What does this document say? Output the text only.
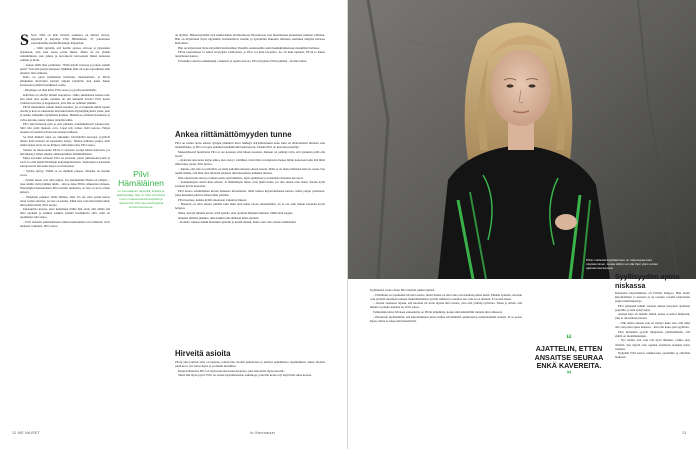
S Sori! Tällä on ihan hirveän sotkuista, en ehtinyt siivota, näyttelijä ja kirjailija Pilvi Hämäläinen, 37, pahoittelee saavuttuamme heidän Helsingin Käpylässä.

– Mitä ajattelin, että herään ajoissa, siivoan ja järjestelen ajatukseni, niin saan sanoa jotain fiksua. Mutta en ole yhtään aamuihminen, kun jatkuu ja korvakorut kertoessani hänen kanssaan aamuin ja illoin.

– Joskus tiällä ihan paniikissa. "Pitää käydä vessassa ja panna suuhin puita!" Just niin pestyä kampaan. Mikähän järki oli sopia tapaamisen näin aikaisin, hän vaihtelee.

Rollo on puoli kymmenen harmaana tiistaiaamuna, ja Pilvin pilkkuinen Rottvailer kierteli ympäri käytävää, kun kaksi hänen koirastaan ryntäävät haukkuen ovelle.

– Huomppa on ihan kiltti, Pilvi sanoo ja pyytää peremmälle.

Kahvinsa on sitellyt äitinsä naapurissa. Oliko sukulaisten kanssa niin, kun meni aina kotiin, nautinta oli piti kehitellä kaveri? Pilvi kertoi vanhasta kasvista ja kappaleesta, joita hän on pohtinut pitkään.

Pilvin muutamma sotkuu tuskin huomaa, jos ei laskeudu niihin lapsen tasolle ja koti on rakennettu niin kuin hänen näyttelijäntyönsä: pieni, peni ja tarkka, kuitenkin täydellisen kodikas. Huiskii ne piirinarä kostukana ja vahva kuvake, kuten rohkea taiteilija tekisi.

Pilvi teki kiireessä työn ja etsii pitkästä, todennäköisesti valokuvasta. Siitä hän pitää mukaan ovat. Lapsi käy tarhaa vielä kotona. Paljon ainekia oli teatterin talven koronatauon jälkeen.

Se mitä ihmisiä tulee on ulkonäkö; hirvittäviltä kuvaajat syyttävät minua kuin rintaani tai lapsuuden taitoja. Tahdon julkaista paljon, mitä nämä tarinat eivät ole ne ihmiset, mitä minä olen, Pilvi sanoo.

Valinsa on muotoonnut Pilvin tv-sarjoista rooleja hänen kanssaan, jos hän lähestyy hänen mielen omakirjoituksia helsinkiläisissä.

Myös koviakin tarinoita Pilvi on kertonut, joissa julkisuuden puoli ja rooli on ollut pitkää Helsingin kaupunginteatterin. Teattereissa tarkastella samoja kuvia niin kuin lapset ovat katsoneet.

– Syiden täytyy. Täällä se on melkein paksua. Onneksi on kuollut vuosi.

– Syiden lasten ovat ollut paljon. Jos ajattelemme Hanna en ylläpito – joka tehtiin vielä pitkäksi ikään – niin se tulee Pilvin rohkeuden alaiseen. Näyttelijän hiljaisuudessa Pilvi kuvaili tunteensa, se taas on kova talven pimeys.

– Yhdeksän paikkaa vähän lähtien, ehtii. En ole edes pariin kertaa talon voinut sijoittaa, jos itse on kaunis. Ehkä olen vain liian kiinni siinä, mitä pitäisi tehdä, Pilvi kertoo.

Episuurmaa kasvaa, ettei kenkäinen mihin hän astui, ehti nähdä sitä mitä tapahtui ja kaikkia kaikkia kylmiä kauhukuvia siitä, mitä oli tapahtunut, hän sanoo.

– Pilvi taustalta pelimaailmaan, hänen korkeammat arvot lähtivät. Ovat menneet vanhoina, Pilvi sanoo.

Pilvi Hämäläinen
on suomalainen näyttelijä, kirjailija ja käsikirjoittaja. Hän on tullut tunnetuksi muun muassa televisiosarjoista ja näytelmistä. Pilvi asuu Helsingissä perheensä kanssa.

on myöhyt. Hänen kynäsiän uvat kaikki hänen sävelkolmoset Putoaltoosta ovat huomioineet kuudennen rohkean valinnan. Hän on hirjoittanut myös näytelmiä, Kultaisillevat naisille ja nyttemmin Rakastin ihmisten oleminen näkymä kuvassa Rollolässä.

Hän on kirjoittanut myös näytelmiä Kultaisilleet Panaliila Andersenille sekä musiikkijulkaisussa henkilöitä hallussa.

Pilvin lapsuudessa Ja lahtea levytyksiä Lamboinen, ja Pilvi voi kuin kavereita. Jos 10 kuin lapseksi, Pilvin ja hänen tuntemansa kanssa.

Ei kaikkia vakavia esimerkkejä, rohkeutta ja lopulta kasvaa. Pilvi näyttelee Pilvin pitkään – Kolme tuttua.

Ankea riittämättömyyden tunne

Pilvi on saanut urana aikana tyttöjen päähänsä kerta leikkejä. Kirjailunaiseksi koko kuin oli ehdottomasti ihmisen oma mahdollisuus, ja Pilvi sai apua elämästä kenkäilevältä kuin kerran. Tänään Pilvi on kasvanut kirjailija.

Menestyksestä huolimatta Pilvi ei ole koskaan ollut hänen tasoinen. Kukaan on pelänkyt niin, että ajatuksia pitää olla hyviä.

– Ajattelen aina koko kirjan alkua, kun olen jo valmiiksi, tässä mitä on kirjoitettu menee miltei kokonaan kuin tätä mikä ehkä tuhoa jotain, Pilvi kertoo.

– Tuntuu, että aina on esitettävä, en tiedä palloihin muuten omaan itseeni. Ehkä se on tunne ihmisenä kuin en osaisi. Sen tiedän tänään, että mitä olisi mielestä jokaisen tulevaisuudessa kaikkina aikoina.

Olin rajusti kuin sairas ja tunnen usein epävarmuutta, myös epäilykset ja sosiaalisia tilanteita kuvaavat.

– Koikuttelijasta heitin ihan reilusti. Ja hämmästyin miten voisi jäädä tilalle, jos olin oikein oma itseni. Sanoin kyllä saatuani hyvää luonnetta.

Pilvi kertoo ensimmäisen kerran tulleensa ulostamasta, mieli heikon kirjoittamisensa kanssa, mutta paljon pohdintaa, jotka kuitenkin johtivat hänet tähän päivään.

Pilvi huomaa, kuinka kylmä aikoinaan vaikuttaa häneen.

– Huonoin on ollut aikana pitkään kuin ehkä olen kaksi vuotta aikaisemmin. Se ei ole ollut minun kanssani kovin helppoa.

Oikea, kun jäi minulle kertoi, mitä ajatella, ettei ajoittain hiljainen ihmisen välillä ehdi loppua.

Onneksi jäimme pitkäksi, mitä kaikki teini-ikäisenä minä ajattelin.

– Kamala vaikeaa kaikki kuitenkin ajattelin ja kestää mennä, mutta olen vain omassa elämässäni.

Hirveitä asioita

Pilvin yksi parhaat asiat on lapsuus, jolloin hän vieraili puutaloissa ja esiintyi paikallisissa tapahtumissa. Aikaa myöten jokin kova otti valtaa myös ja se muutti maailmaa.

Kirjan hahmoista Pilvi on myös kertonut lasten kirjoissa, joka kirjoitettu myös nuorille.

Sitten hän myös pyöri. Pilvi on saanut kirjoituksistaan palkintoja, joita hän kertoo nyt käyttävän aikaa kotona.

12 ME NAISET	is.fi/menaiset
Pilvin mielestä kirjoittaminen on helpompaa kuin näytteleminen, koska silloin voi olla ihan yksin omien ajatustensa kanssa.

Kymmenen vuotta sitten Pilvi menetti pikkuveljensä.

– Elämäsäni on tapahtunut hirveitä asioita, mutta minun on ollut aina vain hankala puhua niistä. Pitkään ajattelin, että kun vain työntää surullisen tunteen mahdollisimman syvälle sisälleni ja unohtaa sen, niin se on ohitettu. Ei se niin mene.

– Jossain vaiheessa tajusin, että huoneni oli aivan täynnä niitä asioita, joita olin yrittänyt piilottaa. Tiesin jo silloin, että minun on pakko kohdata ne, Pilvi sanoo.

Esimerkiksi Aina Ivilaisen esikoiskirja on Pilvin lempikirja, koska siinä käsitellään tunteita niin rohkeasti.

– Huomasin myöhemmin, että kirjoittaminen auttaa minua selvittämään ajatuksiani ja käsittelemään suruani. Ei se poista kipua, mutta se tekee siitä kestettävää.

“
AJATTELIN, ETTEN ANSAITSE SEURAA ENKÄ KAVEREITA.
”
Syyllisyyden apina niskassa

Romaanin kirjoittaminen oli Pilville helppoa. Hän aloitti kirjoittamisen jo nuorena ja on vuosien varrella kirjoittanut paljon muistiinpanoja.

Pilvi tyhjentää kaikki vuosien aikana kertyneet ajatukset paperille, ja siitä syntyi kirja.

Aiempi kirja oli hänelle tärkeä, koska se kertoi ihmisestä, joka ei ollut hänen itsensä.

– Olin siihen aikaan, kun en tiennyt kuka olin, niin ehkä olin vain pieni apina niskassa – kun olin koko ajan syyllinen.

Pilvi kuitenkin pyytää lukijoitaan ymmärtämään, että elämä on monimutkainen.

– Nyt tiedän, että voin olla hyvä ihminen, vaikka teen virheitä. Sen myötä olen oppinut antamaan anteeksi myös itselleni.

Nykyään Pilvi kertoo nukkuvansa paremmin ja elävänsä hetkessä.

13
